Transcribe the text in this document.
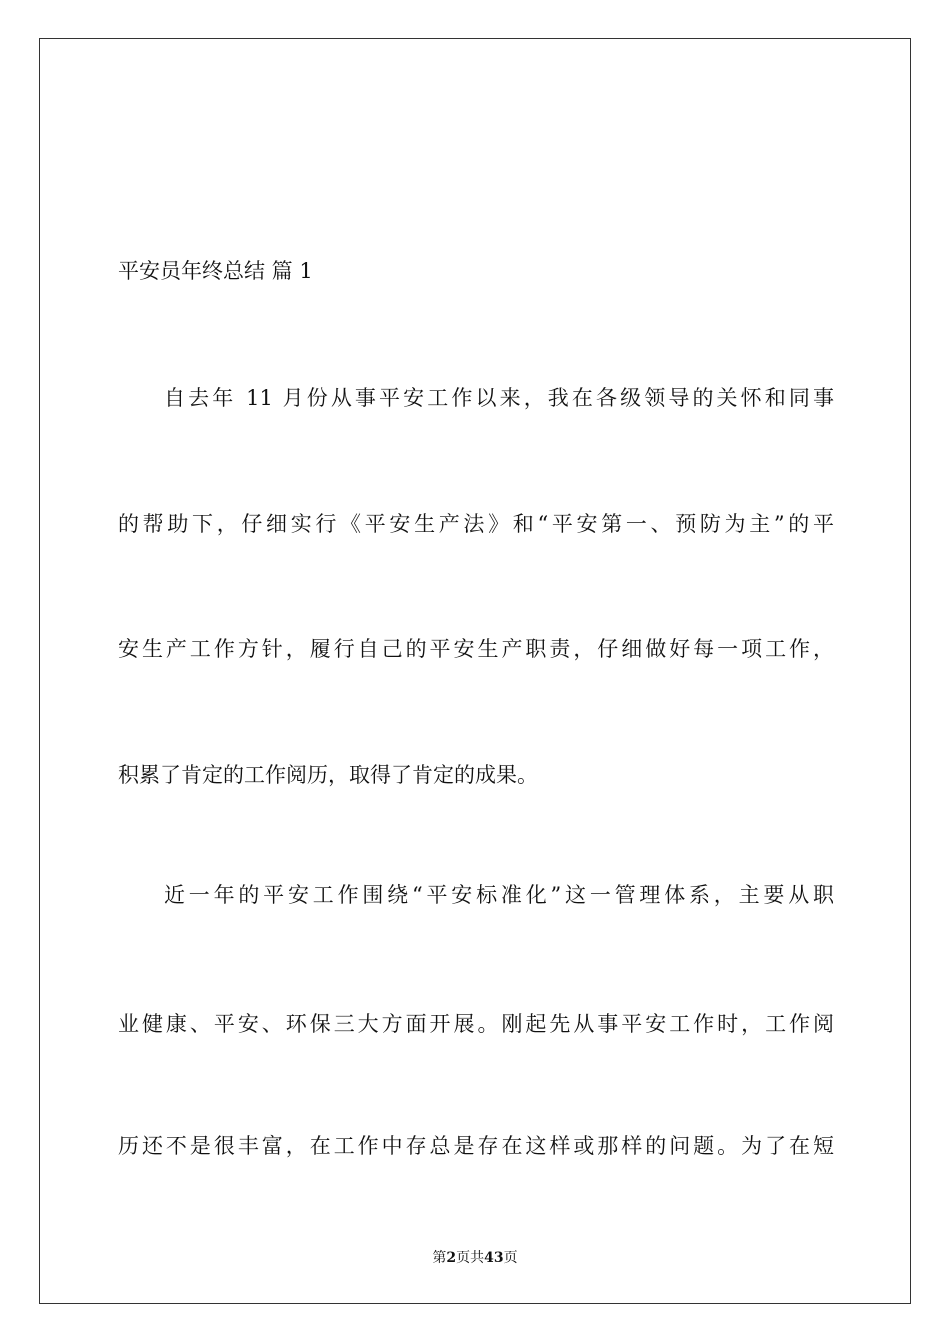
平安员年终总结 篇 1
自去年 11 月份从事平安工作以来，我在各级领导的关怀和同事
的帮助下，仔细实行《平安生产法》和“平安第一、预防为主”的平
安生产工作方针，履行自己的平安生产职责，仔细做好每一项工作，
积累了肯定的工作阅历，取得了肯定的成果。
近一年的平安工作围绕“平安标准化”这一管理体系，主要从职
业健康、平安、环保三大方面开展。刚起先从事平安工作时，工作阅
历还不是很丰富，在工作中存总是存在这样或那样的问题。为了在短
第2页共43页
